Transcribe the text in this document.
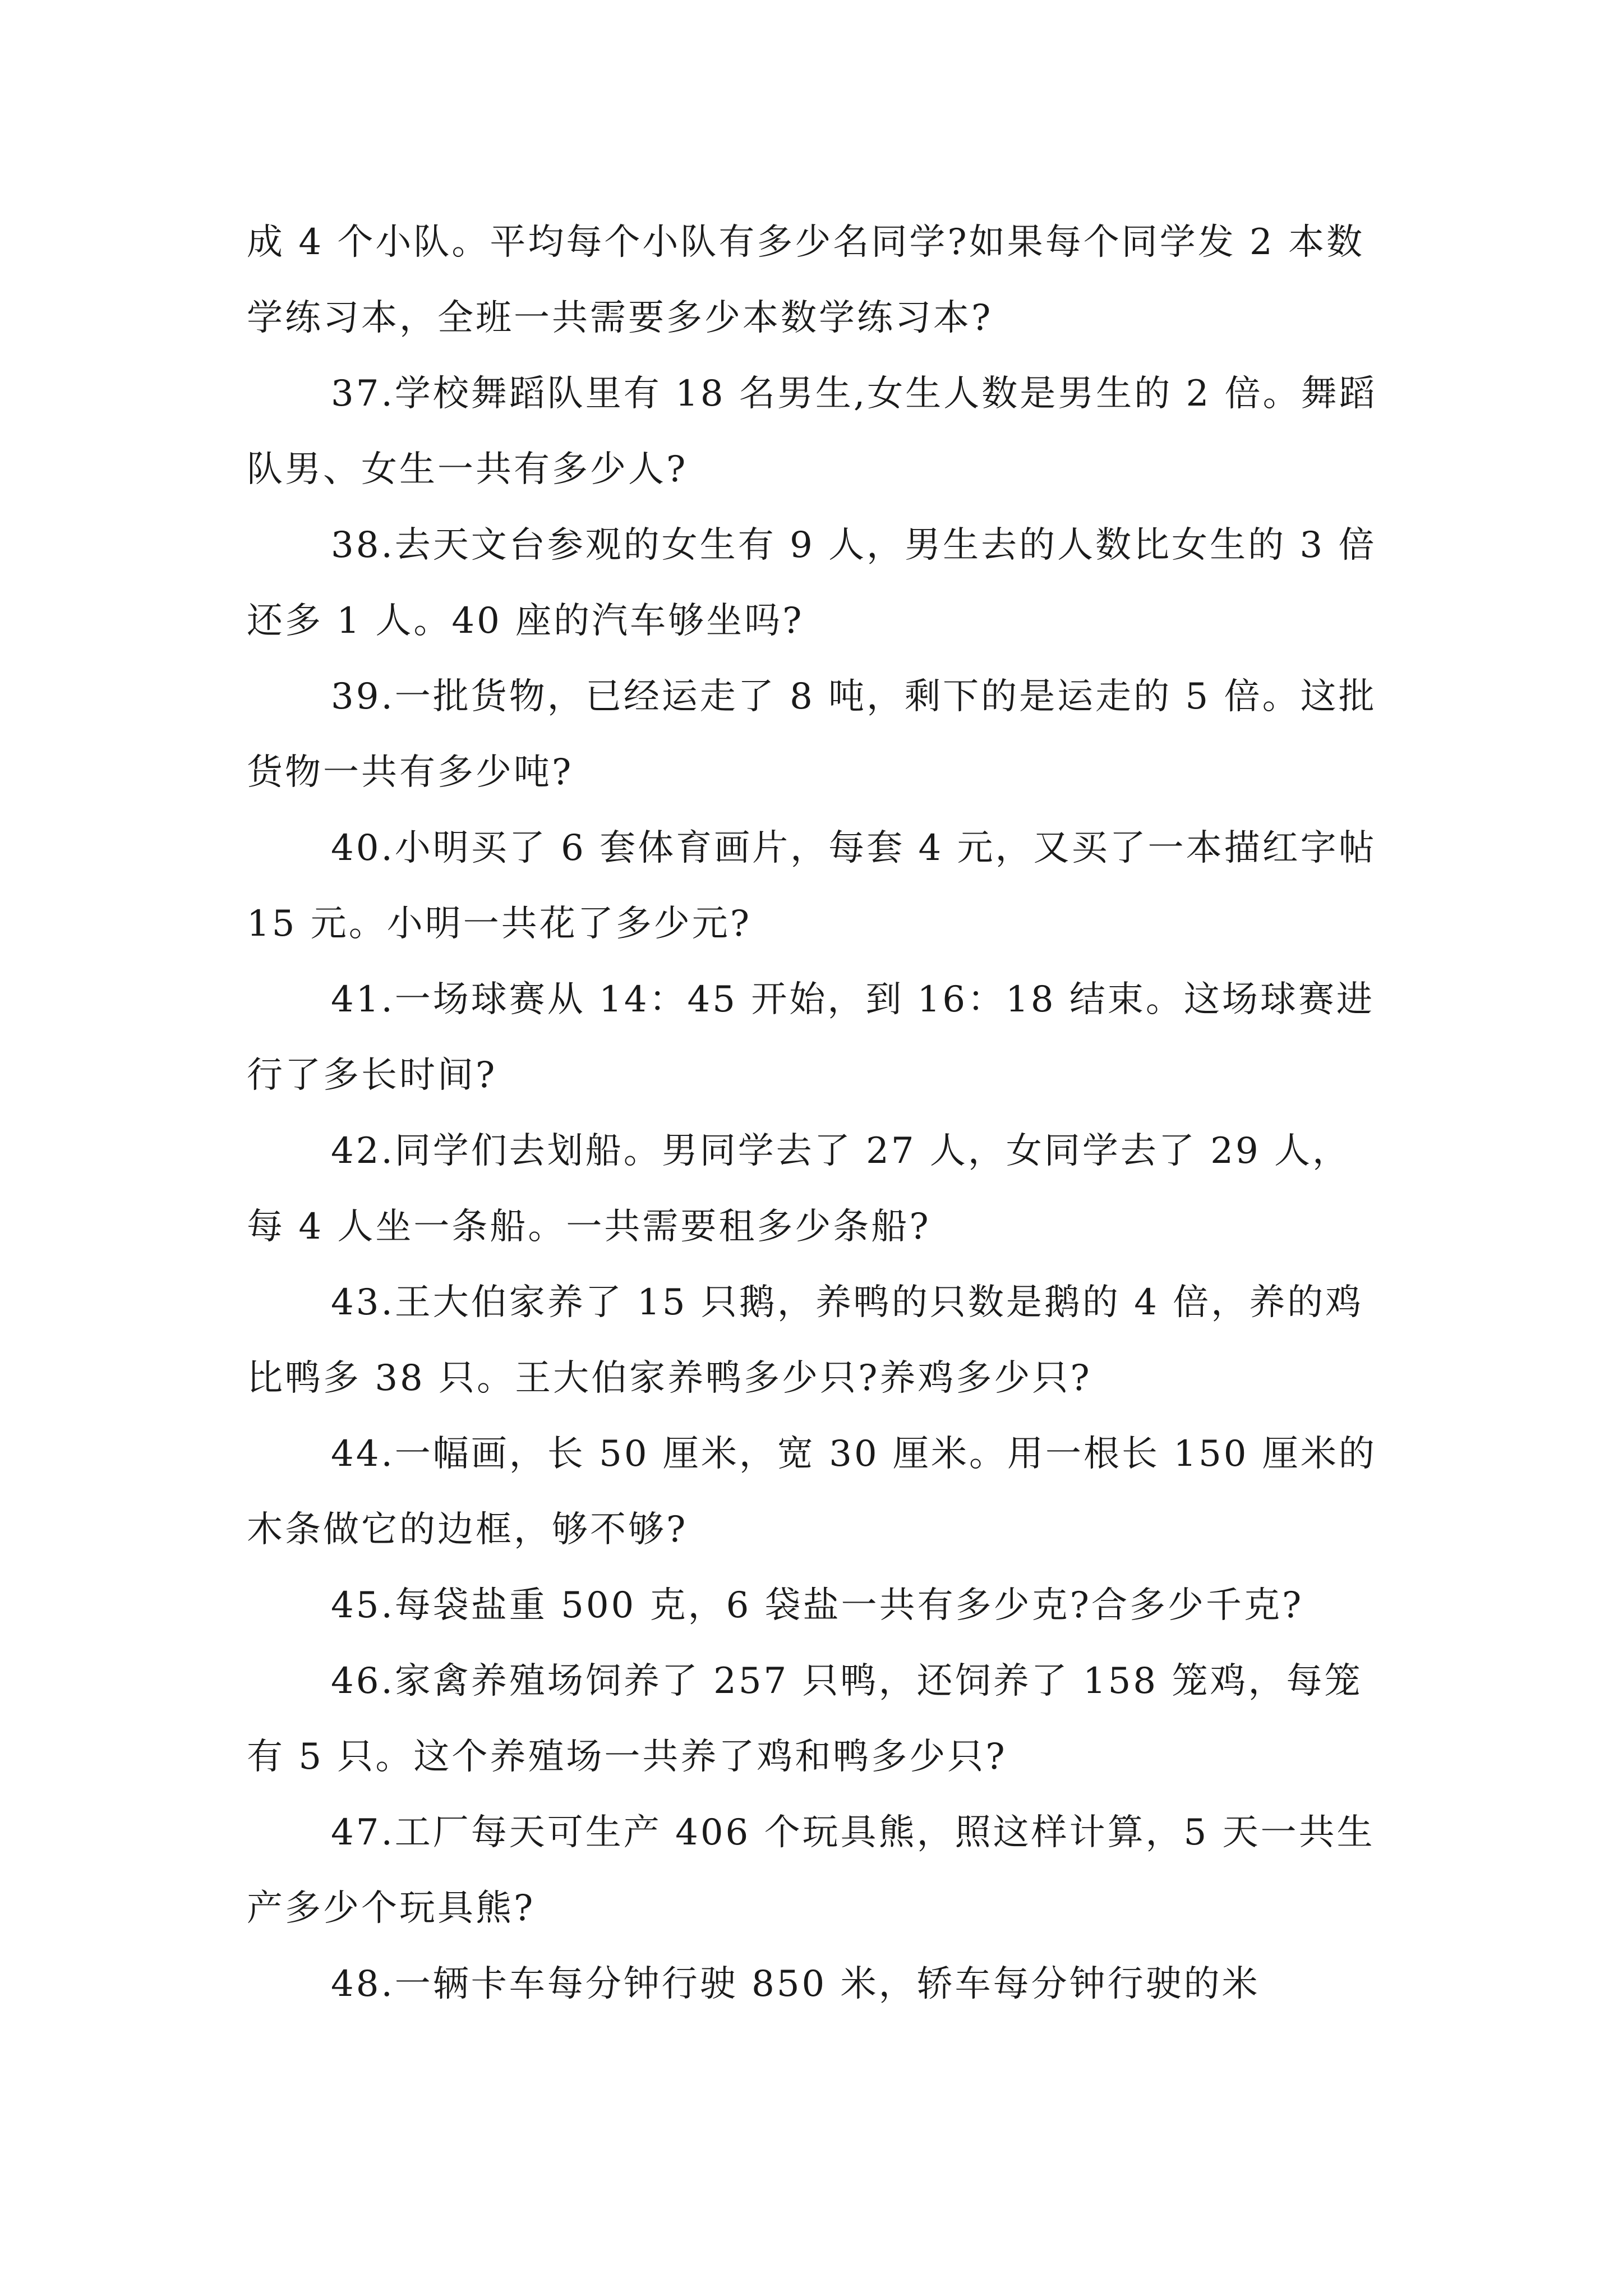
成 4 个小队。平均每个小队有多少名同学?如果每个同学发 2 本数学练习本，全班一共需要多少本数学练习本?

37.学校舞蹈队里有 18 名男生,女生人数是男生的 2 倍。舞蹈队男、女生一共有多少人?

38.去天文台参观的女生有 9 人，男生去的人数比女生的 3 倍还多 1 人。40 座的汽车够坐吗?

39.一批货物，已经运走了 8 吨，剩下的是运走的 5 倍。这批货物一共有多少吨?

40.小明买了 6 套体育画片，每套 4 元，又买了一本描红字帖 15 元。小明一共花了多少元?

41.一场球赛从 14：45 开始，到 16：18 结束。这场球赛进行了多长时间?

42.同学们去划船。男同学去了 27 人，女同学去了 29 人，每 4 人坐一条船。一共需要租多少条船?

43.王大伯家养了 15 只鹅，养鸭的只数是鹅的 4 倍，养的鸡比鸭多 38 只。王大伯家养鸭多少只?养鸡多少只?

44.一幅画，长 50 厘米，宽 30 厘米。用一根长 150 厘米的木条做它的边框，够不够?

45.每袋盐重 500 克，6 袋盐一共有多少克?合多少千克?

46.家禽养殖场饲养了 257 只鸭，还饲养了 158 笼鸡，每笼有 5 只。这个养殖场一共养了鸡和鸭多少只?

47.工厂每天可生产 406 个玩具熊，照这样计算，5 天一共生产多少个玩具熊?

48.一辆卡车每分钟行驶 850 米，轿车每分钟行驶的米
